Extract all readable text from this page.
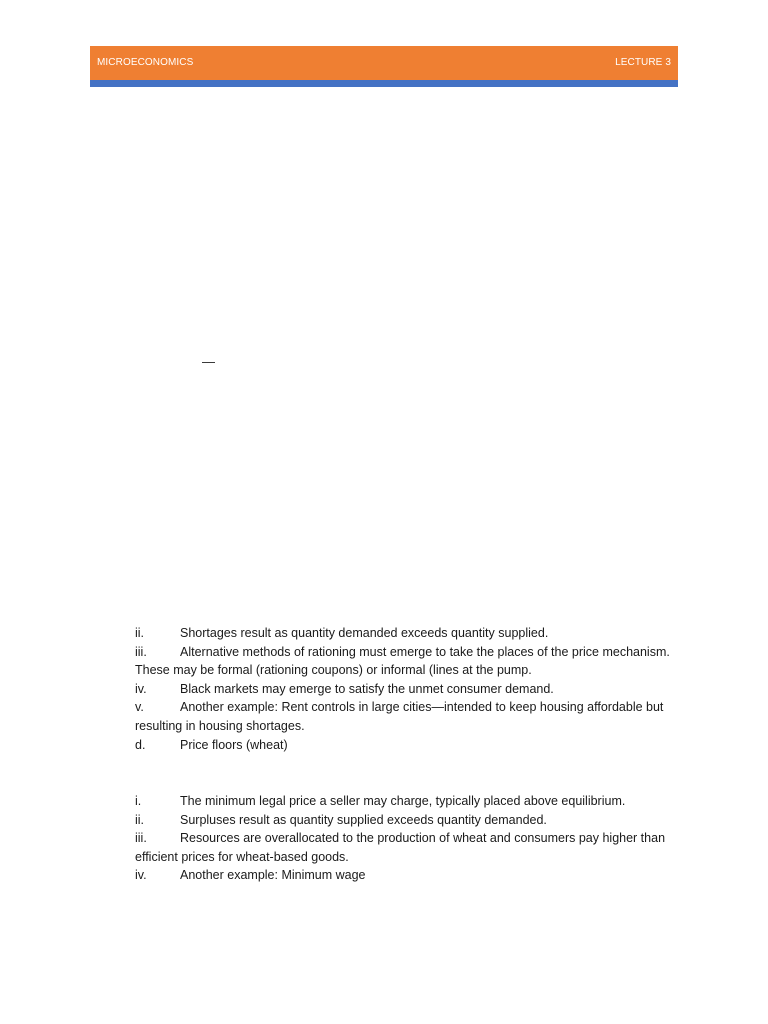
MICROECONOMICS	LECTURE 3
—

ii.	Shortages result as quantity demanded exceeds quantity supplied.

iii.	Alternative methods of rationing must emerge to take the places of the price mechanism. These may be formal (rationing coupons) or informal (lines at the pump.

iv.	Black markets may emerge to satisfy the unmet consumer demand.

v.	Another example: Rent controls in large cities—intended to keep housing affordable but resulting in housing shortages.

d.	Price floors (wheat)

i.	The minimum legal price a seller may charge, typically placed above equilibrium.

ii.	Surpluses result as quantity supplied exceeds quantity demanded.

iii.	Resources are overallocated to the production of wheat and consumers pay higher than efficient prices for wheat-based goods.

iv.	Another example: Minimum wage
